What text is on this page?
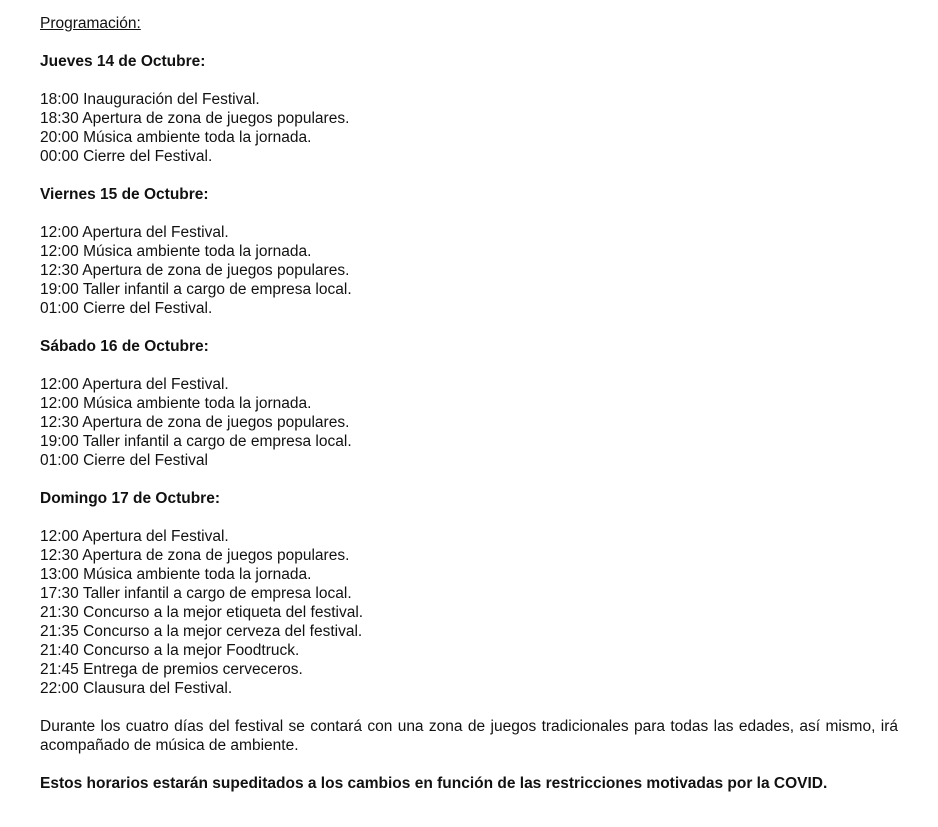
Programación:
Jueves 14 de Octubre:
18:00 Inauguración del Festival.
18:30 Apertura de zona de juegos populares.
20:00 Música ambiente toda la jornada.
00:00 Cierre del Festival.
Viernes 15 de Octubre:
12:00 Apertura del Festival.
12:00 Música ambiente toda la jornada.
12:30 Apertura de zona de juegos populares.
19:00 Taller infantil a cargo de empresa local.
01:00 Cierre del Festival.
Sábado 16 de Octubre:
12:00 Apertura del Festival.
12:00 Música ambiente toda la jornada.
12:30 Apertura de zona de juegos populares.
19:00 Taller infantil a cargo de empresa local.
01:00 Cierre del Festival
Domingo 17 de Octubre:
12:00 Apertura del Festival.
12:30 Apertura de zona de juegos populares.
13:00 Música ambiente toda la jornada.
17:30 Taller infantil a cargo de empresa local.
21:30 Concurso a la mejor etiqueta del festival.
21:35 Concurso a la mejor cerveza del festival.
21:40 Concurso a la mejor Foodtruck.
21:45 Entrega de premios cerveceros.
22:00 Clausura del Festival.

Durante los cuatro días del festival se contará con una zona de juegos tradicionales para todas las edades, así mismo, irá acompañado de música de ambiente.

Estos horarios estarán supeditados a los cambios en función de las restricciones motivadas por la COVID.
